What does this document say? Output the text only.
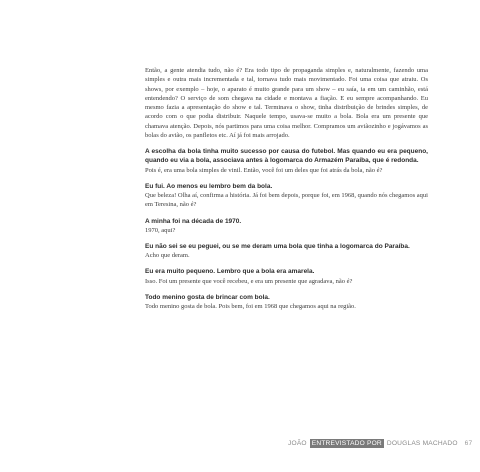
Então, a gente atendia tudo, não é? Era todo tipo de propaganda simples e, naturalmente, fazendo uma simples e outra mais incrementada e tal, tornava tudo mais movimentado. Foi uma coisa que atraiu. Os shows, por exemplo – hoje, o aparato é muito grande para um show – eu saía, ia em um caminhão, está entendendo? O serviço de som chegava na cidade e montava a fiação. E eu sempre acompanhando. Eu mesmo fazia a apresentação do show e tal. Terminava o show, tinha distribuição de brindes simples, de acordo com o que podia distribuir. Naquele tempo, usava-se muito a bola. Bola era um presente que chamava atenção. Depois, nós partimos para uma coisa melhor. Compramos um aviãozinho e jogávamos as bolas do avião, os panfletos etc. Aí já foi mais arrojado.

A escolha da bola tinha muito sucesso por causa do futebol. Mas quando eu era pequeno, quando eu via a bola, associava antes à logomarca do Armazém Paraíba, que é redonda.

Pois é, era uma bola simples de vinil. Então, você foi um deles que foi atrás da bola, não é?

Eu fui. Ao menos eu lembro bem da bola.

Que beleza! Olha aí, confirma a história. Já foi bem depois, porque foi, em 1968, quando nós chegamos aqui em Teresina, não é?

A minha foi na década de 1970.

1970, aqui?

Eu não sei se eu peguei, ou se me deram uma bola que tinha a logomarca do Paraíba.

Acho que deram.

Eu era muito pequeno. Lembro que a bola era amarela.

Isso. Foi um presente que você recebeu, e era um presente que agradava, não é?

Todo menino gosta de brincar com bola.

Todo menino gosta de bola. Pois bem, foi em 1968 que chegamos aqui na região.

JOÃO ENTREVISTADO POR DOUGLAS MACHADO 67
